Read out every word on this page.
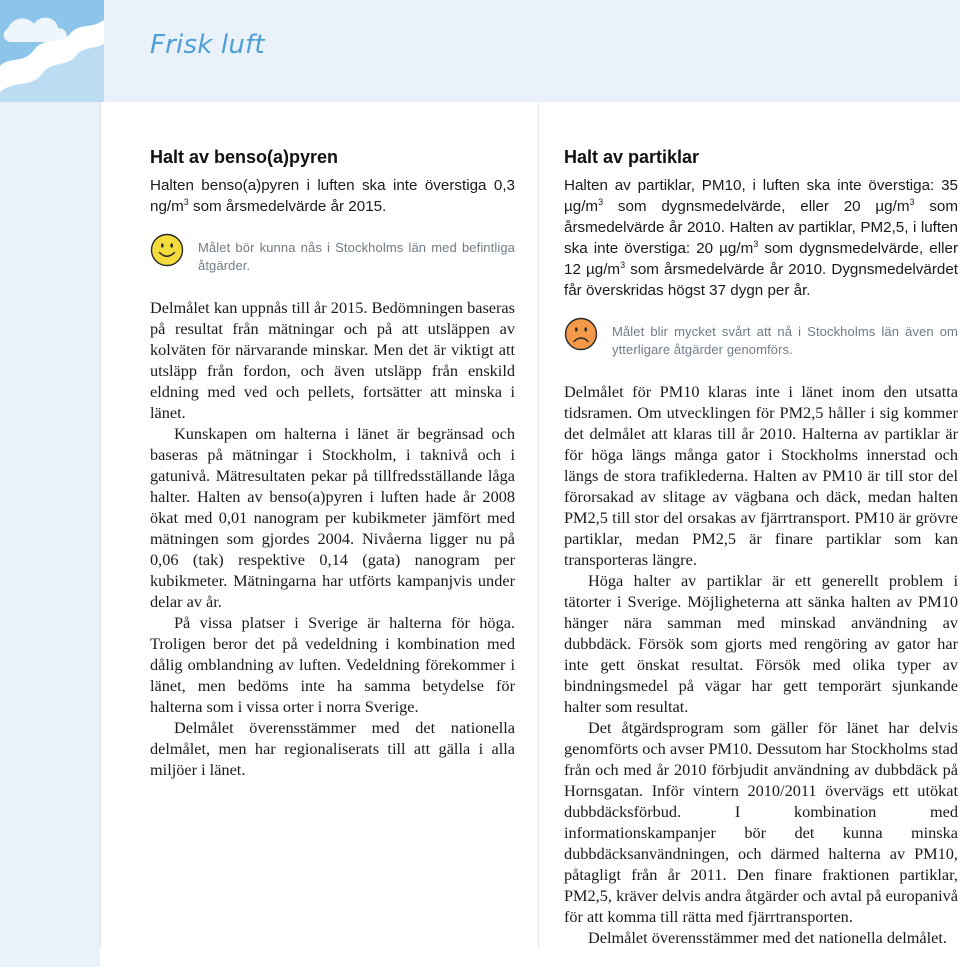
Frisk luft
Halt av benso(a)pyren

Halten benso(a)pyren i luften ska inte överstiga 0,3 $ng/m^3$ som årsmedelvärde år 2015.

Målet bör kunna nås i Stockholms län med befintliga åtgärder.

Delmålet kan uppnås till år 2015. Bedömningen baseras på resultat från mätningar och på att utsläppen av kolväten för närvarande minskar. Men det är viktigt att utsläpp från fordon, och även utsläpp från enskild eldning med ved och pellets, fortsätter att minska i länet.

Kunskapen om halterna i länet är begränsad och baseras på mätningar i Stockholm, i taknivå och i gatunivå. Mätresultaten pekar på tillfredsställande låga halter. Halten av benso(a)pyren i luften hade år 2008 ökat med 0,01 nanogram per kubikmeter jämfört med mätningen som gjordes 2004. Nivåerna ligger nu på 0,06 (tak) respektive 0,14 (gata) nanogram per kubikmeter. Mätningarna har utförts kampanjvis under delar av år.

På vissa platser i Sverige är halterna för höga. Troligen beror det på vedeldning i kombination med dålig omblandning av luften. Vedeldning förekommer i länet, men bedöms inte ha samma betydelse för halterna som i vissa orter i norra Sverige.

Delmålet överensstämmer med det nationella delmålet, men har regionaliserats till att gälla i alla miljöer i länet.

Halt av partiklar

Halten av partiklar, PM10, i luften ska inte överstiga: 35 $\mu g/m^3$ som dygnsmedelvärde, eller 20 $\mu g/m^3$ som årsmedelvärde år 2010. Halten av partiklar, PM2,5, i luften ska inte överstiga: 20 $\mu g/m^3$ som dygnsmedelvärde, eller 12 $\mu g/m^3$ som årsmedelvärde år 2010. Dygnsmedelvärdet får överskridas högst 37 dygn per år.

Målet blir mycket svårt att nå i Stockholms län även om ytterligare åtgärder genomförs.

Delmålet för PM10 klaras inte i länet inom den utsatta tidsramen. Om utvecklingen för PM2,5 håller i sig kommer det delmålet att klaras till år 2010. Halterna av partiklar är för höga längs många gator i Stockholms innerstad och längs de stora trafiklederna. Halten av PM10 är till stor del förorsakad av slitage av vägbana och däck, medan halten PM2,5 till stor del orsakas av fjärrtransport. PM10 är grövre partiklar, medan PM2,5 är finare partiklar som kan transporteras längre.

Höga halter av partiklar är ett generellt problem i tätorter i Sverige. Möjligheterna att sänka halten av PM10 hänger nära samman med minskad användning av dubbdäck. Försök som gjorts med rengöring av gator har inte gett önskat resultat. Försök med olika typer av bindningsmedel på vägar har gett temporärt sjunkande halter som resultat.

Det åtgärdsprogram som gäller för länet har delvis genomförts och avser PM10. Dessutom har Stockholms stad från och med år 2010 förbjudit användning av dubbdäck på Hornsgatan. Inför vintern 2010/2011 övervägs ett utökat dubbdäcksförbud. I kombination med informationskampanjer bör det kunna minska dubbdäcksanvändningen, och därmed halterna av PM10, påtagligt från år 2011. Den finare fraktionen partiklar, PM2,5, kräver delvis andra åtgärder och avtal på europanivå för att komma till rätta med fjärrtransporten.

Delmålet överensstämmer med det nationella delmålet.
